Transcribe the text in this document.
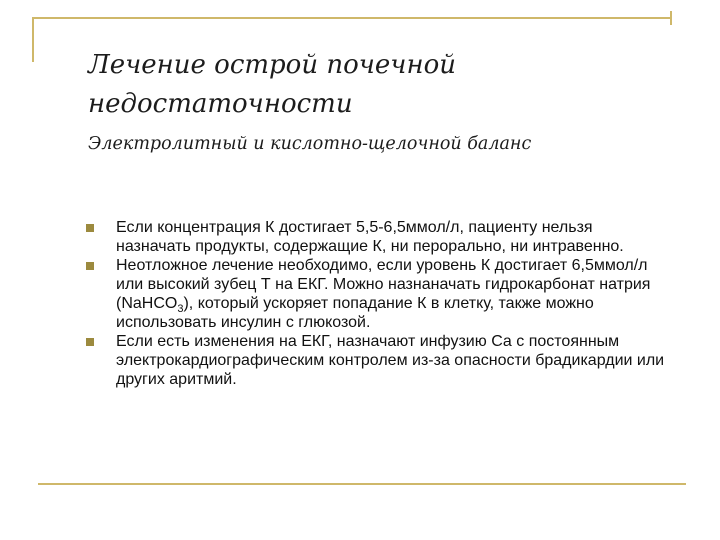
Лечение острой почечной
недостаточности
Электролитный и кислотно-щелочной баланс
Если концентрация К достигает 5,5-6,5ммол/л, пациенту нельзя назначать продукты, содержащие К, ни перорально, ни интравенно.
Неотложное лечение необходимо, если уровень К достигает 6,5ммол/л или высокий зубец Т на ЕКГ. Можно назнаначать гидрокарбонат натрия (NaHCO$_3$), который ускоряет попадание К в клетку, также можно использовать инсулин с глюкозой.
Если есть изменения на ЕКГ, назначают инфузию Са с постоянным электрокардиографическим контролем из-за опасности брадикардии или других аритмий.
